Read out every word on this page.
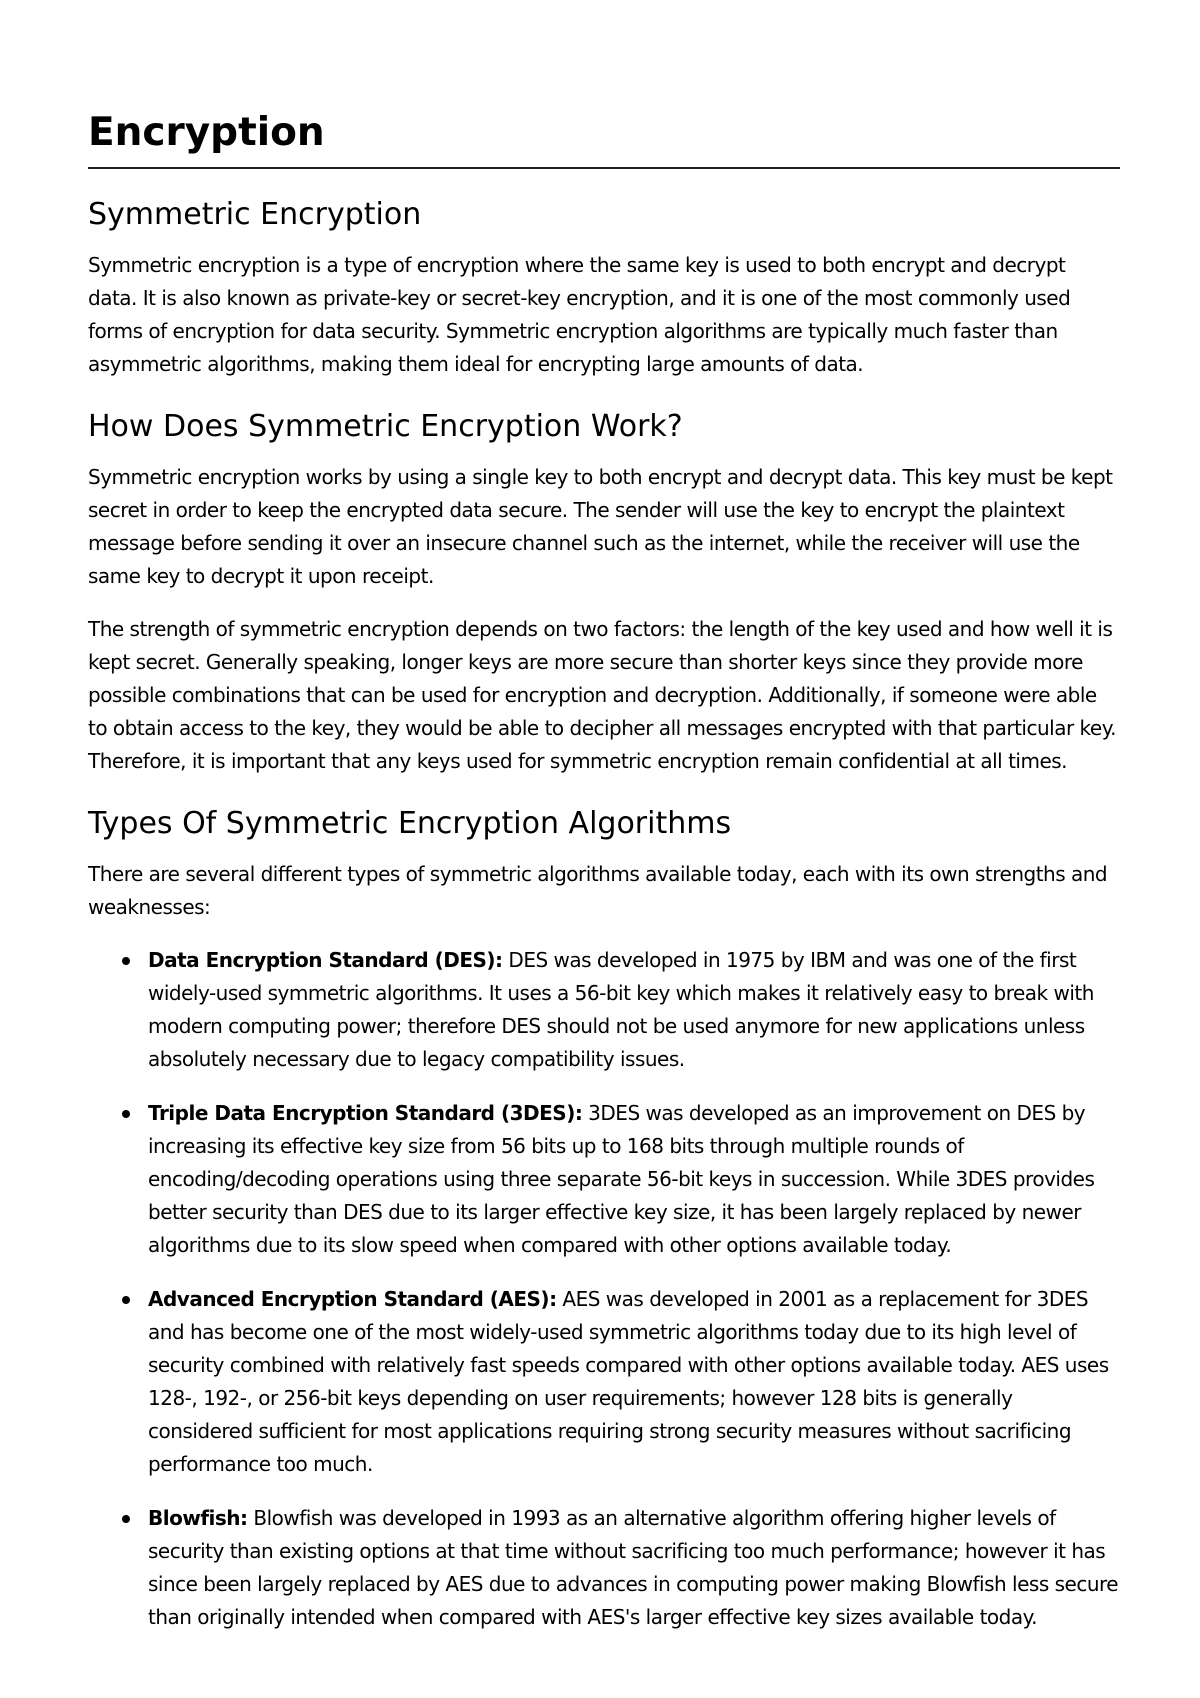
Encryption
Symmetric Encryption

Symmetric encryption is a type of encryption where the same key is used to both encrypt and decrypt data. It is also known as private-key or secret-key encryption, and it is one of the most commonly used forms of encryption for data security. Symmetric encryption algorithms are typically much faster than asymmetric algorithms, making them ideal for encrypting large amounts of data.

How Does Symmetric Encryption Work?

Symmetric encryption works by using a single key to both encrypt and decrypt data. This key must be kept secret in order to keep the encrypted data secure. The sender will use the key to encrypt the plaintext message before sending it over an insecure channel such as the internet, while the receiver will use the same key to decrypt it upon receipt.

The strength of symmetric encryption depends on two factors: the length of the key used and how well it is kept secret. Generally speaking, longer keys are more secure than shorter keys since they provide more possible combinations that can be used for encryption and decryption. Additionally, if someone were able to obtain access to the key, they would be able to decipher all messages encrypted with that particular key. Therefore, it is important that any keys used for symmetric encryption remain confidential at all times.

Types Of Symmetric Encryption Algorithms

There are several different types of symmetric algorithms available today, each with its own strengths and weaknesses:

Data Encryption Standard (DES): DES was developed in 1975 by IBM and was one of the first widely-used symmetric algorithms. It uses a 56-bit key which makes it relatively easy to break with modern computing power; therefore DES should not be used anymore for new applications unless absolutely necessary due to legacy compatibility issues.
Triple Data Encryption Standard (3DES): 3DES was developed as an improvement on DES by increasing its effective key size from 56 bits up to 168 bits through multiple rounds of encoding/decoding operations using three separate 56-bit keys in succession. While 3DES provides better security than DES due to its larger effective key size, it has been largely replaced by newer algorithms due to its slow speed when compared with other options available today.
Advanced Encryption Standard (AES): AES was developed in 2001 as a replacement for 3DES and has become one of the most widely-used symmetric algorithms today due to its high level of security combined with relatively fast speeds compared with other options available today. AES uses 128-, 192-, or 256-bit keys depending on user requirements; however 128 bits is generally considered sufficient for most applications requiring strong security measures without sacrificing performance too much.
Blowfish: Blowfish was developed in 1993 as an alternative algorithm offering higher levels of security than existing options at that time without sacrificing too much performance; however it has since been largely replaced by AES due to advances in computing power making Blowfish less secure than originally intended when compared with AES's larger effective key sizes available today.
